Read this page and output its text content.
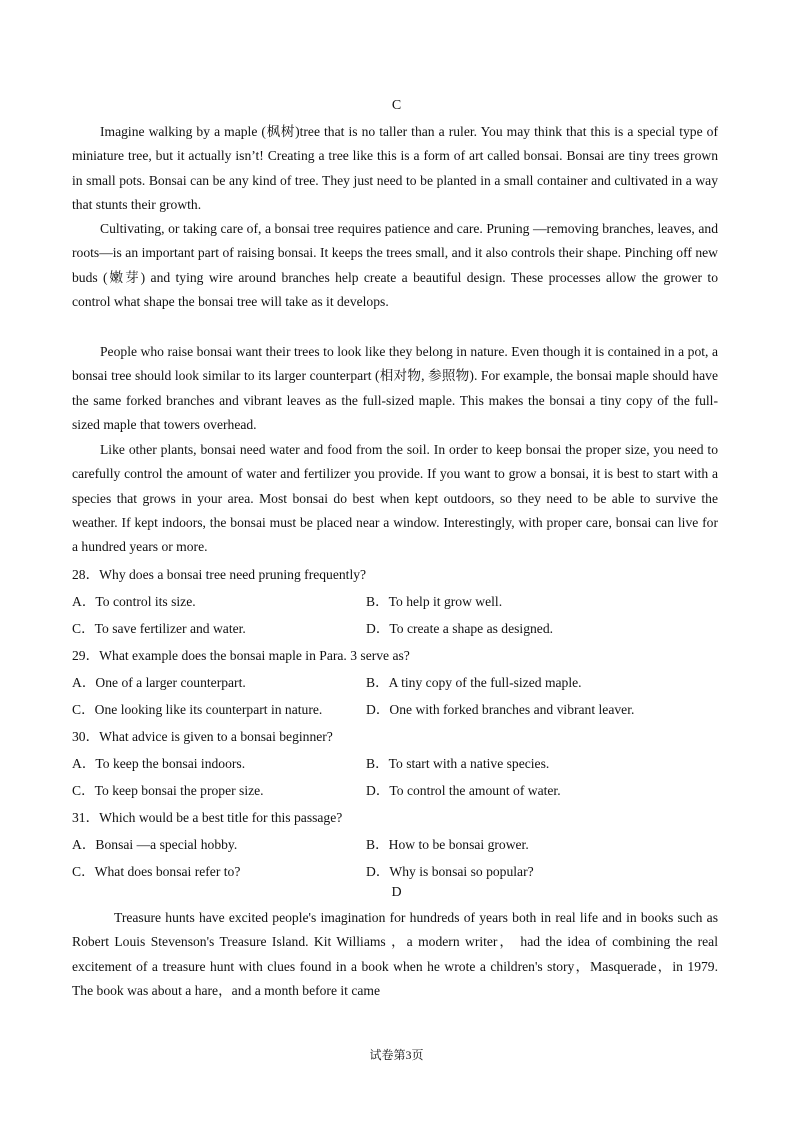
C

Imagine walking by a maple (枫树)tree that is no taller than a ruler. You may think that this is a special type of miniature tree, but it actually isn’t! Creating a tree like this is a form of art called bonsai. Bonsai are tiny trees grown in small pots. Bonsai can be any kind of tree. They just need to be planted in a small container and cultivated in a way that stunts their growth.

Cultivating, or taking care of, a bonsai tree requires patience and care. Pruning —removing branches, leaves, and roots—is an important part of raising bonsai. It keeps the trees small, and it also controls their shape. Pinching off new buds (嫩芽) and tying wire around branches help create a beautiful design. These processes allow the grower to control what shape the bonsai tree will take as it develops.

People who raise bonsai want their trees to look like they belong in nature. Even though it is contained in a pot, a bonsai tree should look similar to its larger counterpart (相对物, 参照物). For example, the bonsai maple should have the same forked branches and vibrant leaves as the full-sized maple. This makes the bonsai a tiny copy of the full-sized maple that towers overhead.

Like other plants, bonsai need water and food from the soil. In order to keep bonsai the proper size, you need to carefully control the amount of water and fertilizer you provide. If you want to grow a bonsai, it is best to start with a species that grows in your area. Most bonsai do best when kept outdoors, so they need to be able to survive the weather. If kept indoors, the bonsai must be placed near a window. Interestingly, with proper care, bonsai can live for a hundred years or more.

28．Why does a bonsai tree need pruning frequently?
A．To control its size.	B．To help it grow well.
C．To save fertilizer and water.	D．To create a shape as designed.
29．What example does the bonsai maple in Para. 3 serve as?
A．One of a larger counterpart.	B．A tiny copy of the full-sized maple.
C．One looking like its counterpart in nature.	D．One with forked branches and vibrant leaver.
30．What advice is given to a bonsai beginner?
A．To keep the bonsai indoors.	B．To start with a native species.
C．To keep bonsai the proper size.	D．To control the amount of water.
31．Which would be a best title for this passage?
A．Bonsai —a special hobby.	B．How to be bonsai grower.
C．What does bonsai refer to?	D．Why is bonsai so popular?
D

Treasure hunts have excited people's imagination for hundreds of years both in real life and in books such as Robert Louis Stevenson's Treasure Island. Kit Williams ，a modern writer， had the idea of combining the real excitement of a treasure hunt with clues found in a book when he wrote a children's story，Masquerade，in 1979. The book was about a hare，and a month before it came

试卷第3页
